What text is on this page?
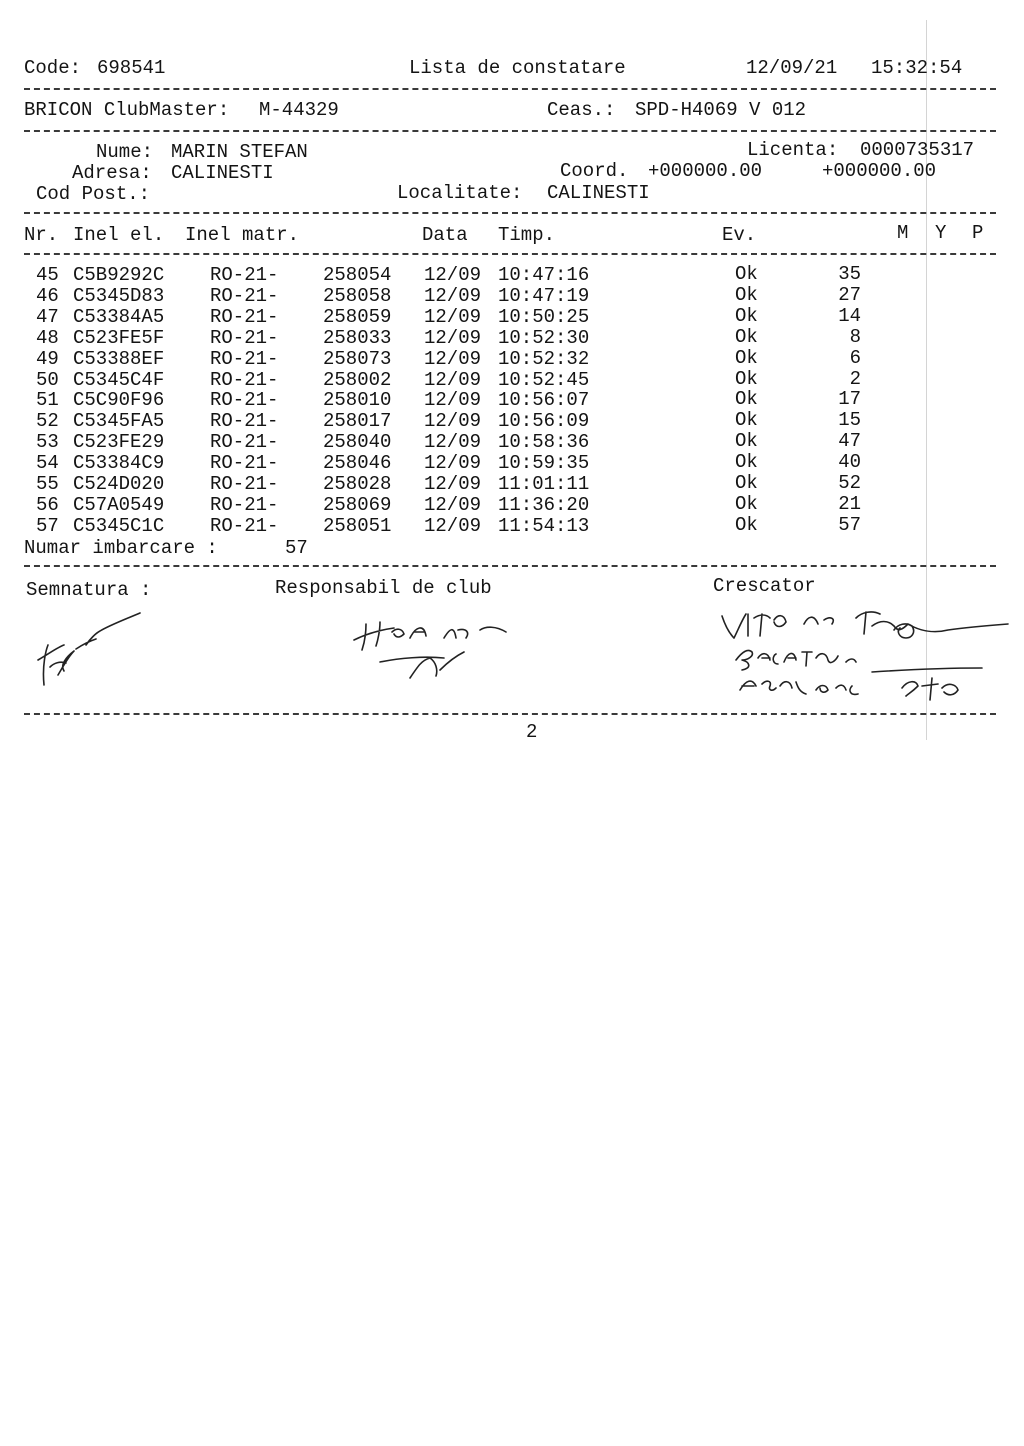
Code: 698541	Lista de constatare	12/09/21 15:32:54
BRICON ClubMaster: M-44329	Ceas.: SPD-H4069 V 012
Nume: MARIN STEFAN	Licenta: 0000735317
Adresa: CALINESTI	Coord. +000000.00	+000000.00
Cod Post.:	Localitate: CALINESTI
Nr. Inel el. Inel matr.	Data Timp.	Ev.	M Y P
45 C5B9292C RO-21- 258054 12/09 10:47:16	Ok	35
46 C5345D83 RO-21- 258058 12/09 10:47:19	Ok	27
47 C53384A5 RO-21- 258059 12/09 10:50:25	Ok	14
48 C523FE5F RO-21- 258033 12/09 10:52:30	Ok	8
49 C53388EF RO-21- 258073 12/09 10:52:32	Ok	6
50 C5345C4F RO-21- 258002 12/09 10:52:45	Ok	2
51 C5C90F96 RO-21- 258010 12/09 10:56:07	Ok	17
52 C5345FA5 RO-21- 258017 12/09 10:56:09	Ok	15
53 C523FE29 RO-21- 258040 12/09 10:58:36	Ok	47
54 C53384C9 RO-21- 258046 12/09 10:59:35	Ok	40
55 C524D020 RO-21- 258028 12/09 11:01:11	Ok	52
56 C57A0549 RO-21- 258069 12/09 11:36:20	Ok	21
57 C5345C1C RO-21- 258051 12/09 11:54:13	Ok	57
Numar imbarcare :	57
Semnatura :	Responsabil de club	Crescator
2
